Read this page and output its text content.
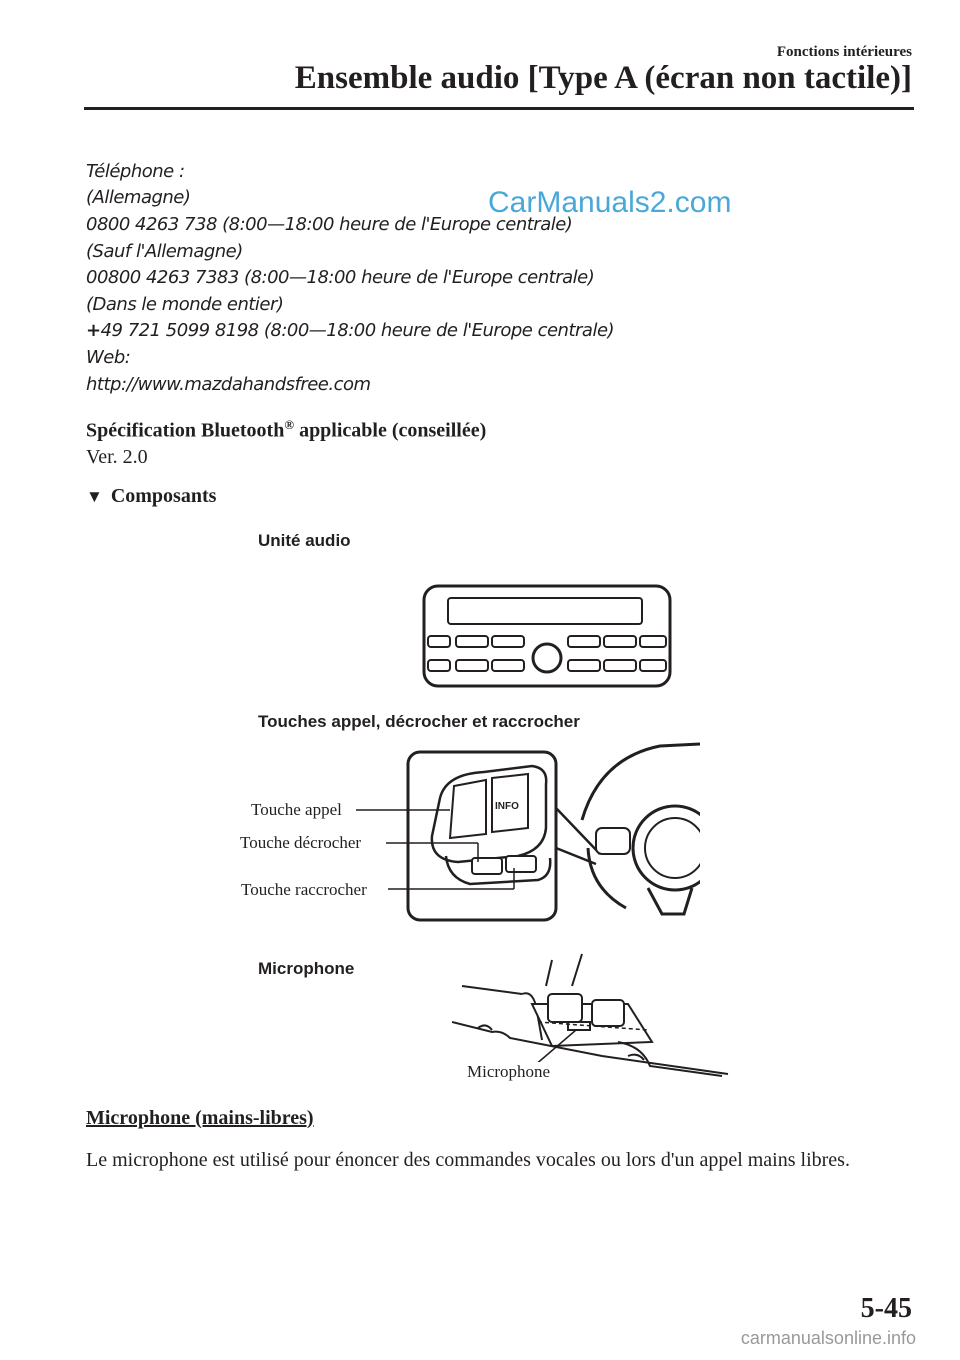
Fonctions intérieures
Ensemble audio [Type A (écran non tactile)]
Téléphone :
(Allemagne)
0800 4263 738 (8:00—18:00 heure de l'Europe centrale)
(Sauf l'Allemagne)
00800 4263 7383 (8:00—18:00 heure de l'Europe centrale)
(Dans le monde entier)
+49 721 5099 8198 (8:00—18:00 heure de l'Europe centrale)
Web:
http://www.mazdahandsfree.com
CarManuals2.com
Spécification Bluetooth® applicable (conseillée)
Ver. 2.0
▼ Composants
Unité audio
Touches appel, décrocher et raccrocher
INFO
Touche appel
Touche décrocher
Touche raccrocher
Microphone
Microphone
Microphone (mains-libres)
Le microphone est utilisé pour énoncer des commandes vocales ou lors d'un appel mains libres.
5-45
carmanualsonline.info
